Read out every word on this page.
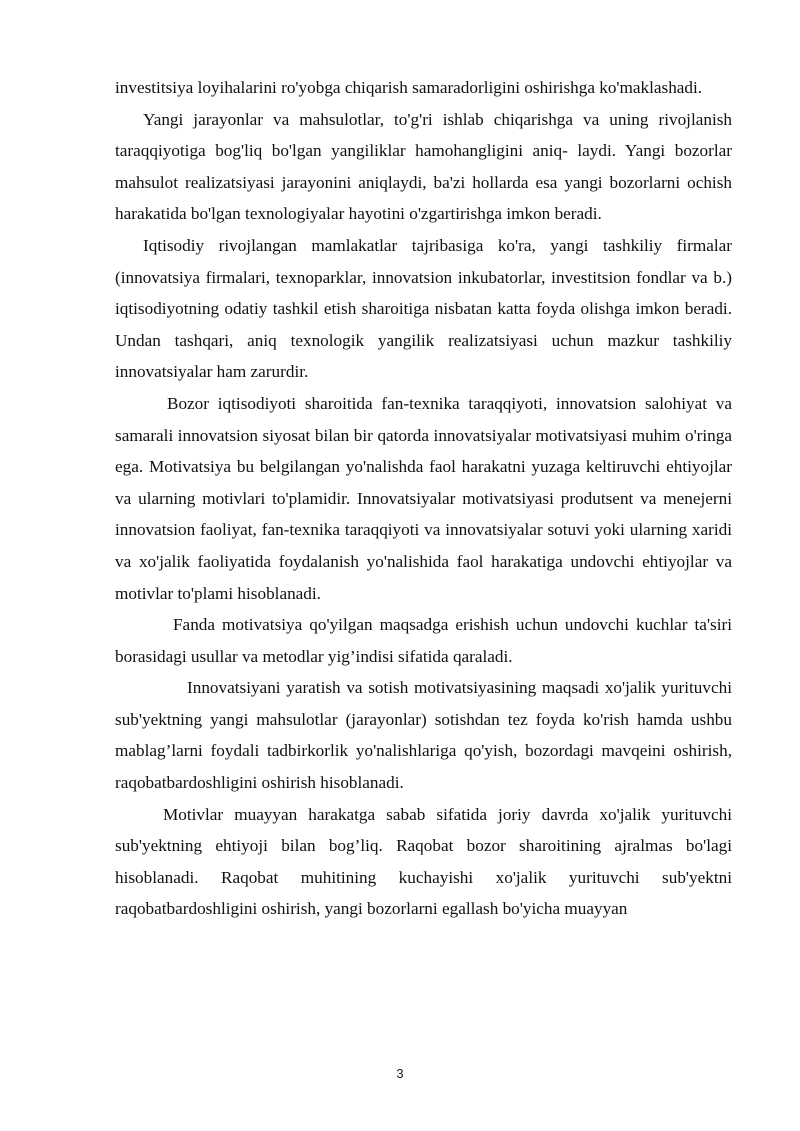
investitsiya loyihalarini ro'yobga chiqarish samaradorligini oshirishga ko'maklashadi.

Yangi jarayonlar va mahsulotlar, to'g'ri ishlab chiqarishga va uning rivojlanish taraqqiyotiga bog'liq bo'lgan yangiliklar hamohangligini aniq- laydi. Yangi bozorlar mahsulot realizatsiyasi jarayonini aniqlaydi, ba'zi hollarda esa yangi bozorlarni ochish harakatida bo'lgan texnologiyalar hayotini o'zgartirishga imkon beradi.

Iqtisodiy rivojlangan mamlakatlar tajribasiga ko'ra, yangi tashkiliy firmalar (innovatsiya firmalari, texnoparklar, innovatsion inkubatorlar, investitsion fondlar va b.) iqtisodiyotning odatiy tashkil etish sharoitiga nisbatan katta foyda olishga imkon beradi. Undan tashqari, aniq texnologik yangilik realizatsiyasi uchun mazkur tashkiliy innovatsiyalar ham zarurdir.

Bozor iqtisodiyoti sharoitida fan-texnika taraqqiyoti, innovatsion salohiyat va samarali innovatsion siyosat bilan bir qatorda innovatsiyalar motivatsiyasi muhim o'ringa ega. Motivatsiya bu belgilangan yo'nalishda faol harakatni yuzaga keltiruvchi ehtiyojlar va ularning motivlari to'plamidir. Innovatsiyalar motivatsiyasi produtsent va menejerni innovatsion faoliyat, fan-texnika taraqqiyoti va innovatsiyalar sotuvi yoki ularning xaridi va xo'jalik faoliyatida foydalanish yo'nalishida faol harakatiga undovchi ehtiyojlar va motivlar to'plami hisoblanadi.

Fanda motivatsiya qo'yilgan maqsadga erishish uchun undovchi kuchlar ta'siri borasidagi usullar va metodlar yig’indisi sifatida qaraladi.

Innovatsiyani yaratish va sotish motivatsiyasining maqsadi xo'jalik yurituvchi sub'yektning yangi mahsulotlar (jarayonlar) sotishdan tez foyda ko'rish hamda ushbu mablag’larni foydali tadbirkorlik yo'nalishlariga qo'yish, bozordagi mavqeini oshirish, raqobatbardoshligini oshirish hisoblanadi.

Motivlar muayyan harakatga sabab sifatida joriy davrda xo'jalik yurituvchi sub'yektning ehtiyoji bilan bog’liq. Raqobat bozor sharoitining ajralmas bo'lagi hisoblanadi. Raqobat muhitining kuchayishi xo'jalik yurituvchi sub'yektni raqobatbardoshligini oshirish, yangi bozorlarni egallash bo'yicha muayyan

3
